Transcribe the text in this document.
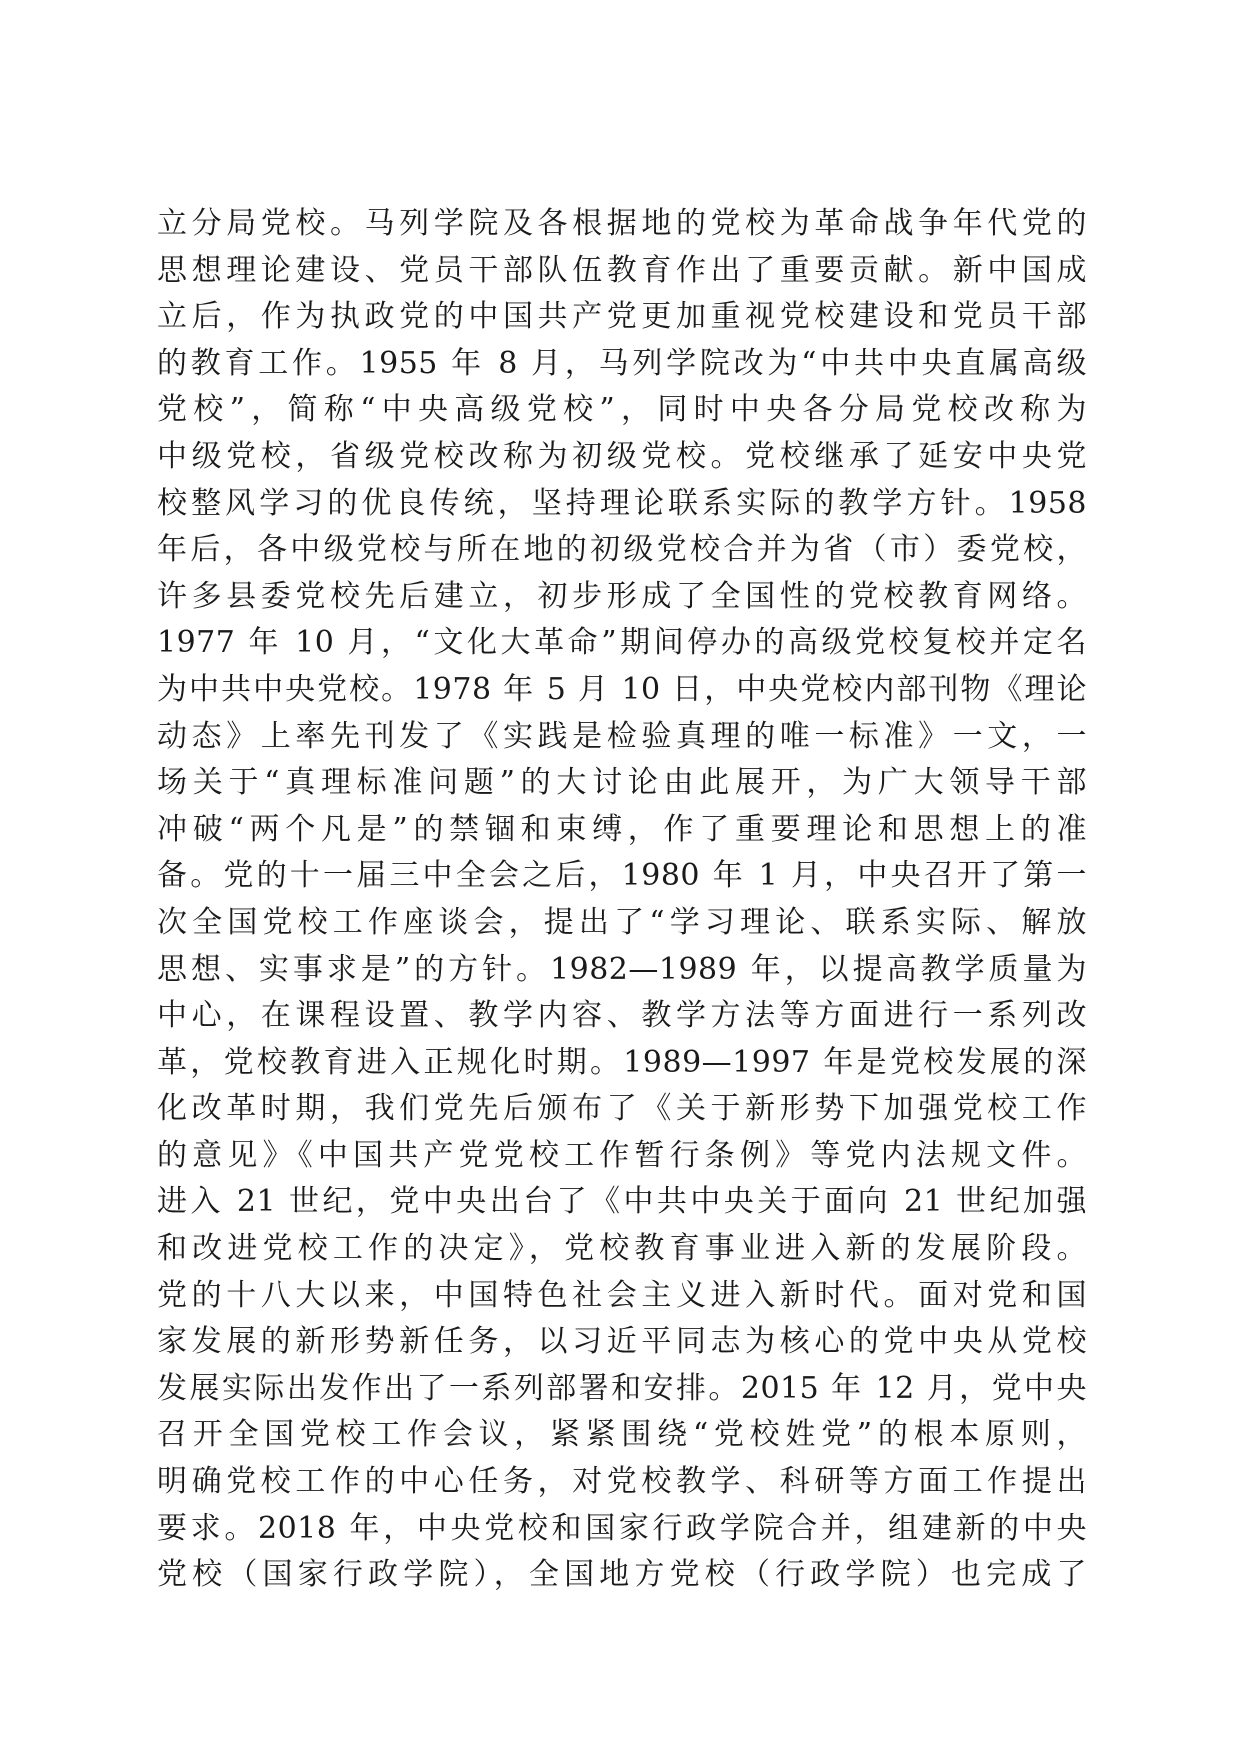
立分局党校。马列学院及各根据地的党校为革命战争年代党的
思想理论建设、党员干部队伍教育作出了重要贡献。新中国成
立后，作为执政党的中国共产党更加重视党校建设和党员干部
的教育工作。1955 年 8 月，马列学院改为“中共中央直属高级
党校”，简称“中央高级党校”，同时中央各分局党校改称为
中级党校，省级党校改称为初级党校。党校继承了延安中央党
校整风学习的优良传统，坚持理论联系实际的教学方针。1958
年后，各中级党校与所在地的初级党校合并为省（市）委党校，
许多县委党校先后建立，初步形成了全国性的党校教育网络。
1977 年 10 月，“文化大革命”期间停办的高级党校复校并定名
为中共中央党校。1978 年 5 月 10 日，中央党校内部刊物《理论
动态》上率先刊发了《实践是检验真理的唯一标准》一文，一
场关于“真理标准问题”的大讨论由此展开，为广大领导干部
冲破“两个凡是”的禁锢和束缚，作了重要理论和思想上的准
备。党的十一届三中全会之后，1980 年 1 月，中央召开了第一
次全国党校工作座谈会，提出了“学习理论、联系实际、解放
思想、实事求是”的方针。1982—1989 年，以提高教学质量为
中心，在课程设置、教学内容、教学方法等方面进行一系列改
革，党校教育进入正规化时期。1989—1997 年是党校发展的深
化改革时期，我们党先后颁布了《关于新形势下加强党校工作
的意见》《中国共产党党校工作暂行条例》等党内法规文件。
进入 21 世纪，党中央出台了《中共中央关于面向 21 世纪加强
和改进党校工作的决定》，党校教育事业进入新的发展阶段。
党的十八大以来，中国特色社会主义进入新时代。面对党和国
家发展的新形势新任务，以习近平同志为核心的党中央从党校
发展实际出发作出了一系列部署和安排。2015 年 12 月，党中央
召开全国党校工作会议，紧紧围绕“党校姓党”的根本原则，
明确党校工作的中心任务，对党校教学、科研等方面工作提出
要求。2018 年，中央党校和国家行政学院合并，组建新的中央
党校（国家行政学院），全国地方党校（行政学院）也完成了
